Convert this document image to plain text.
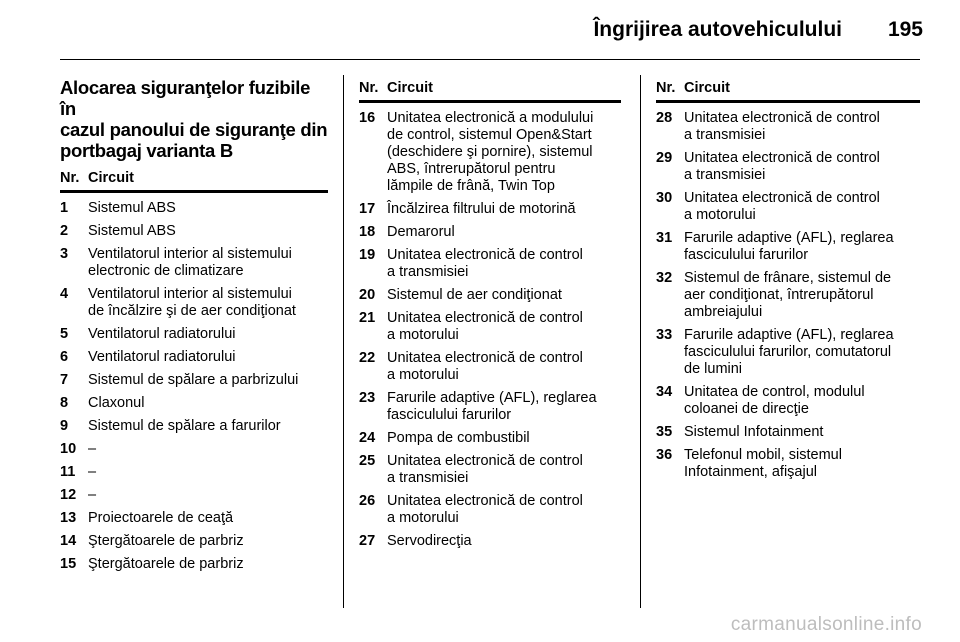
Îngrijirea autovehiculului 195
Alocarea siguranţelor fuzibile în
cazul panoului de siguranţe din
portbagaj varianta B
Nr. Circuit
1	Sistemul ABS
2	Sistemul ABS
3	Ventilatorul interior al sistemului
electronic de climatizare
4	Ventilatorul interior al sistemului
de încălzire şi de aer condiţionat
5	Ventilatorul radiatorului
6	Ventilatorul radiatorului
7	Sistemul de spălare a parbrizului
8	Claxonul
9	Sistemul de spălare a farurilor
10 –
11 –
12 –
13 Proiectoarele de ceaţă
14 Ştergătoarele de parbriz
15 Ştergătoarele de parbriz
Nr. Circuit
16 Unitatea electronică a modulului
de control, sistemul Open&Start
(deschidere şi pornire), sistemul
ABS, întrerupătorul pentru
lămpile de frână, Twin Top
17 Încălzirea filtrului de motorină
18 Demarorul
19 Unitatea electronică de control
a transmisiei
20 Sistemul de aer condiţionat
21 Unitatea electronică de control
a motorului
22 Unitatea electronică de control
a motorului
23 Farurile adaptive (AFL), reglarea
fasciculului farurilor
24 Pompa de combustibil
25 Unitatea electronică de control
a transmisiei
26 Unitatea electronică de control
a motorului
27 Servodirecţia
Nr. Circuit
28 Unitatea electronică de control
a transmisiei
29 Unitatea electronică de control
a transmisiei
30 Unitatea electronică de control
a motorului
31 Farurile adaptive (AFL), reglarea
fasciculului farurilor
32 Sistemul de frânare, sistemul de
aer condiţionat, întrerupătorul
ambreiajului
33 Farurile adaptive (AFL), reglarea
fasciculului farurilor, comutatorul
de lumini
34 Unitatea de control, modulul
coloanei de direcţie
35 Sistemul Infotainment
36 Telefonul mobil, sistemul
Infotainment, afişajul
carmanualsonline.info
